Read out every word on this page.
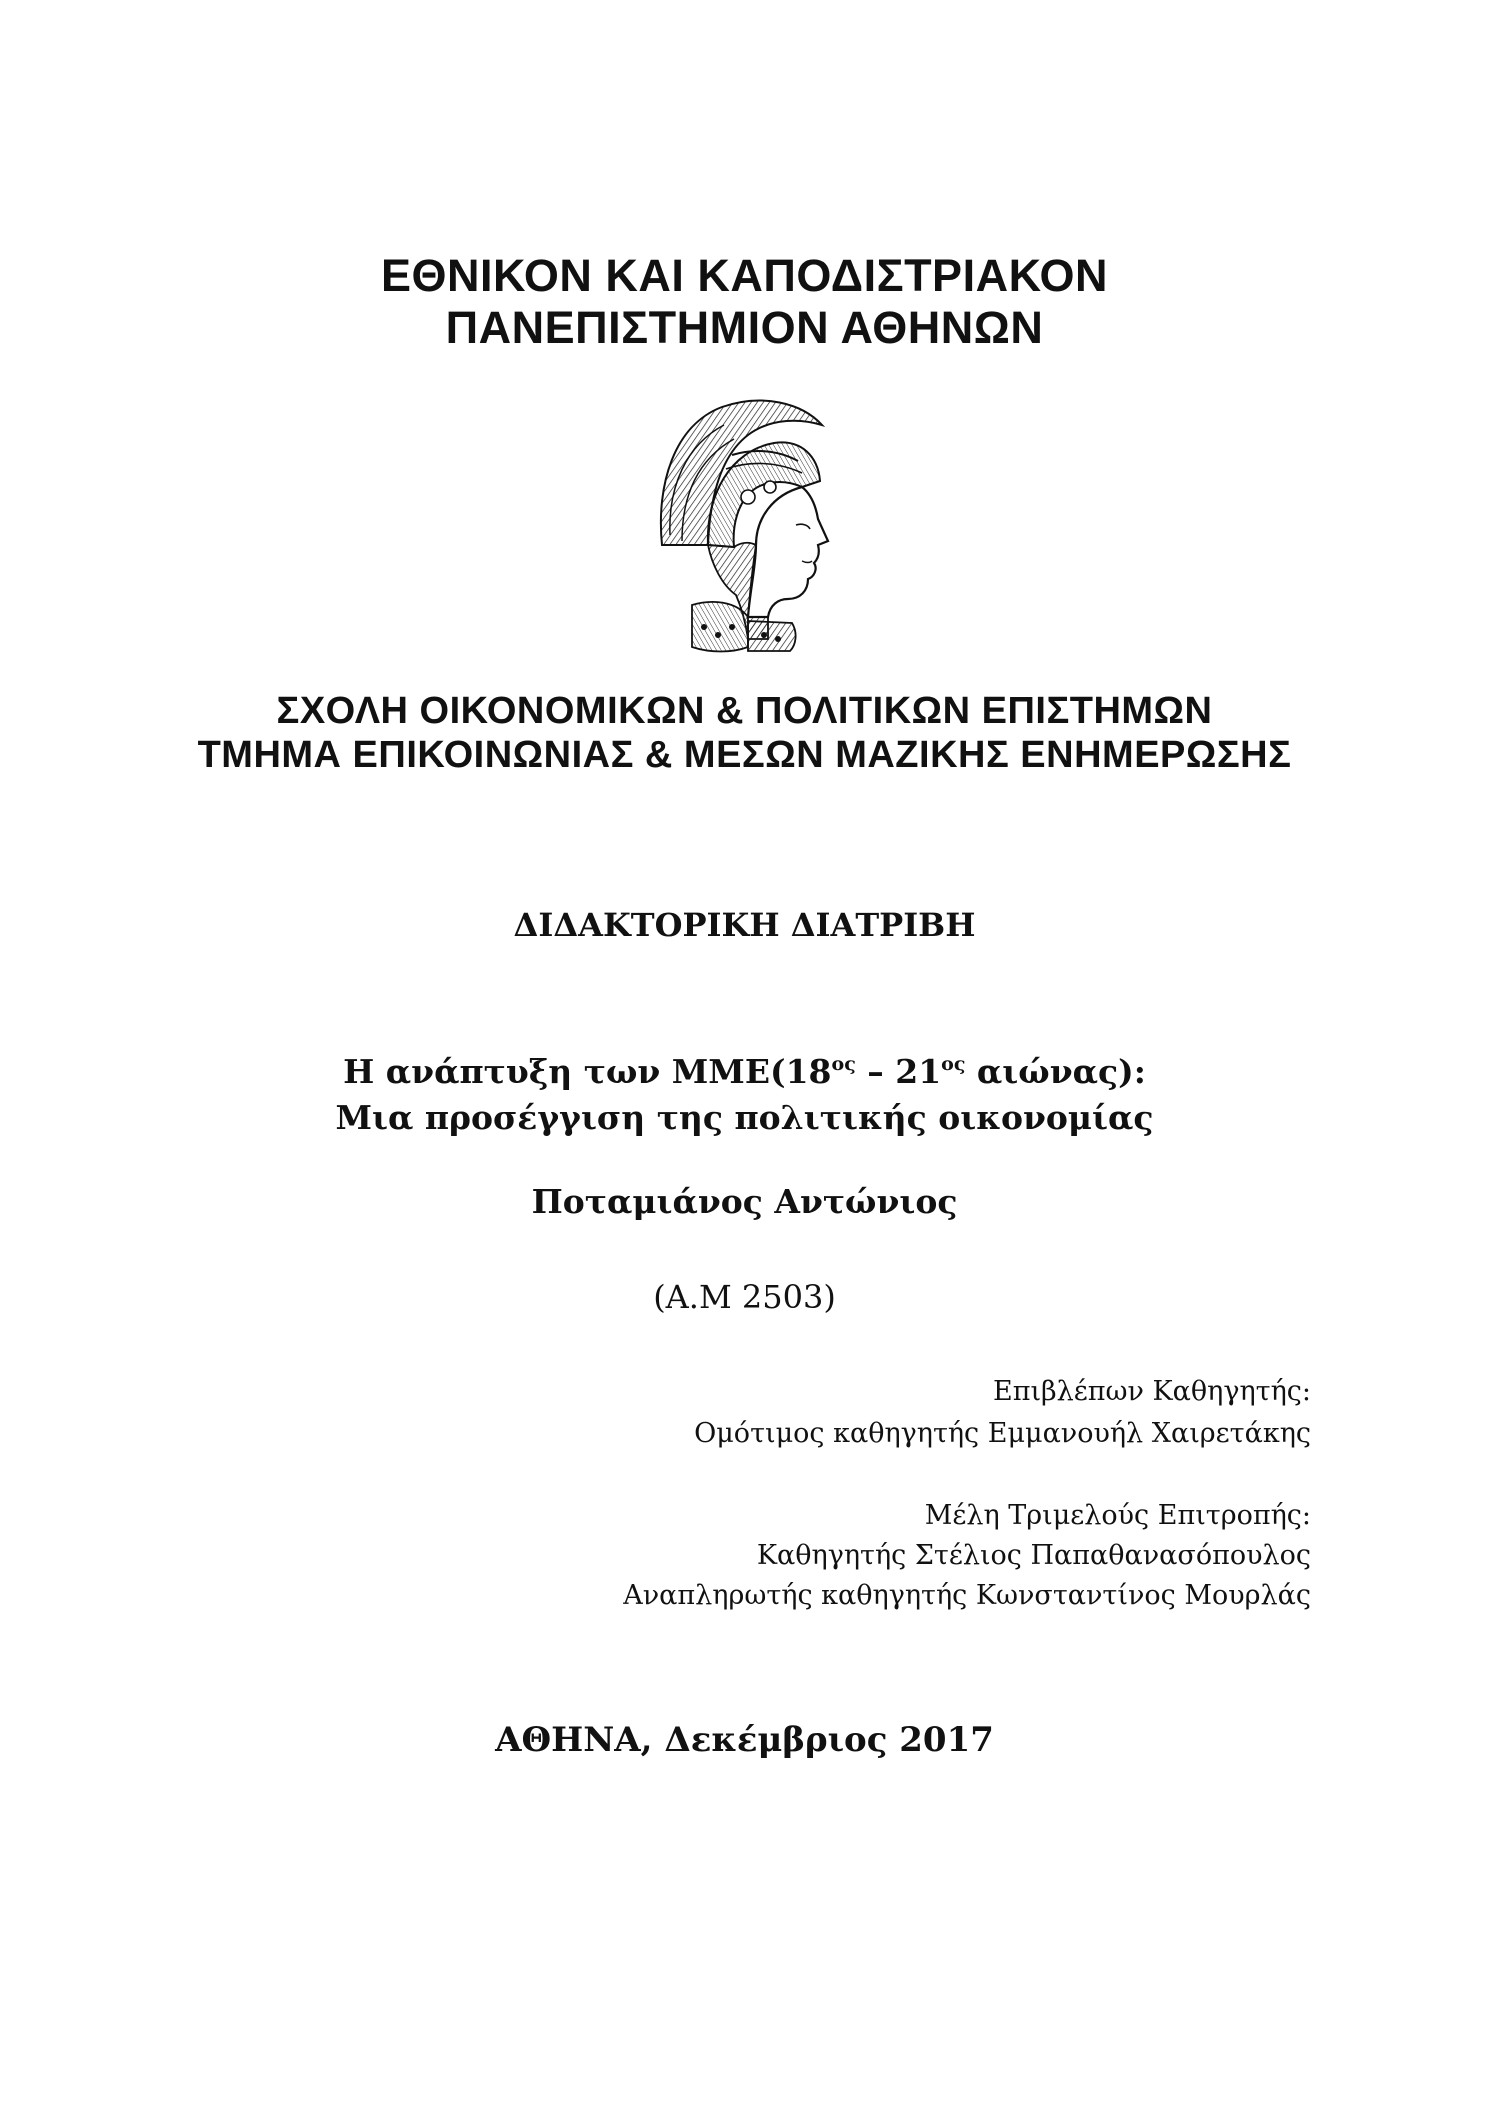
ΕΘΝΙΚΟΝ ΚΑΙ ΚΑΠΟΔΙΣΤΡΙΑΚΟΝ
ΠΑΝΕΠΙΣΤΗΜΙΟΝ ΑΘΗΝΩΝ
ΣΧΟΛΗ ΟΙΚΟΝΟΜΙΚΩΝ & ΠΟΛΙΤΙΚΩΝ ΕΠΙΣΤΗΜΩΝ
ΤΜΗΜΑ ΕΠΙΚΟΙΝΩΝΙΑΣ & ΜΕΣΩΝ ΜΑΖΙΚΗΣ ΕΝΗΜΕΡΩΣΗΣ
ΔΙΔΑΚΤΟΡΙΚΗ ΔΙΑΤΡΙΒΗ
Η ανάπτυξη των $MME(18^{o\varsigma} - 21^{o\varsigma}$ αιώνας):
Μια προσέγγιση της πολιτικής οικονομίας
Ποταμιάνος Αντώνιος
(Α.Μ 2503)
Επιβλέπων Καθηγητής:
Ομότιμος καθηγητής Εμμανουήλ Χαιρετάκης
Μέλη Τριμελούς Επιτροπής:
Καθηγητής Στέλιος Παπαθανασόπουλος
Αναπληρωτής καθηγητής Κωνσταντίνος Μουρλάς
ΑΘΗΝΑ, Δεκέμβριος 2017
